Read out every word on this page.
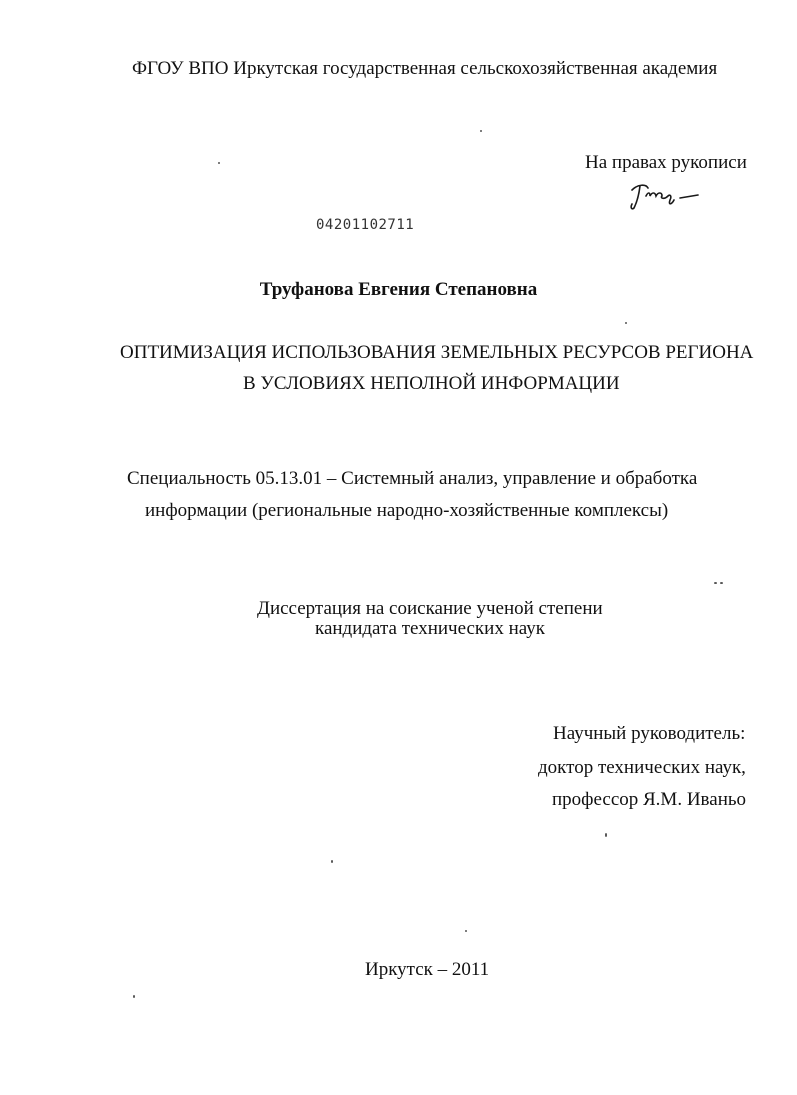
ФГОУ ВПО Иркутская государственная сельскохозяйственная академия
На правах рукописи
04201102711
Труфанова Евгения Степановна
ОПТИМИЗАЦИЯ ИСПОЛЬЗОВАНИЯ ЗЕМЕЛЬНЫХ РЕСУРСОВ РЕГИОНА
В УСЛОВИЯХ НЕПОЛНОЙ ИНФОРМАЦИИ
Специальность 05.13.01 – Системный анализ, управление и обработка
информации (региональные народно-хозяйственные комплексы)
Диссертация на соискание ученой степени
кандидата технических наук
Научный руководитель:
доктор технических наук,
профессор Я.М. Иваньо
Иркутск – 2011
